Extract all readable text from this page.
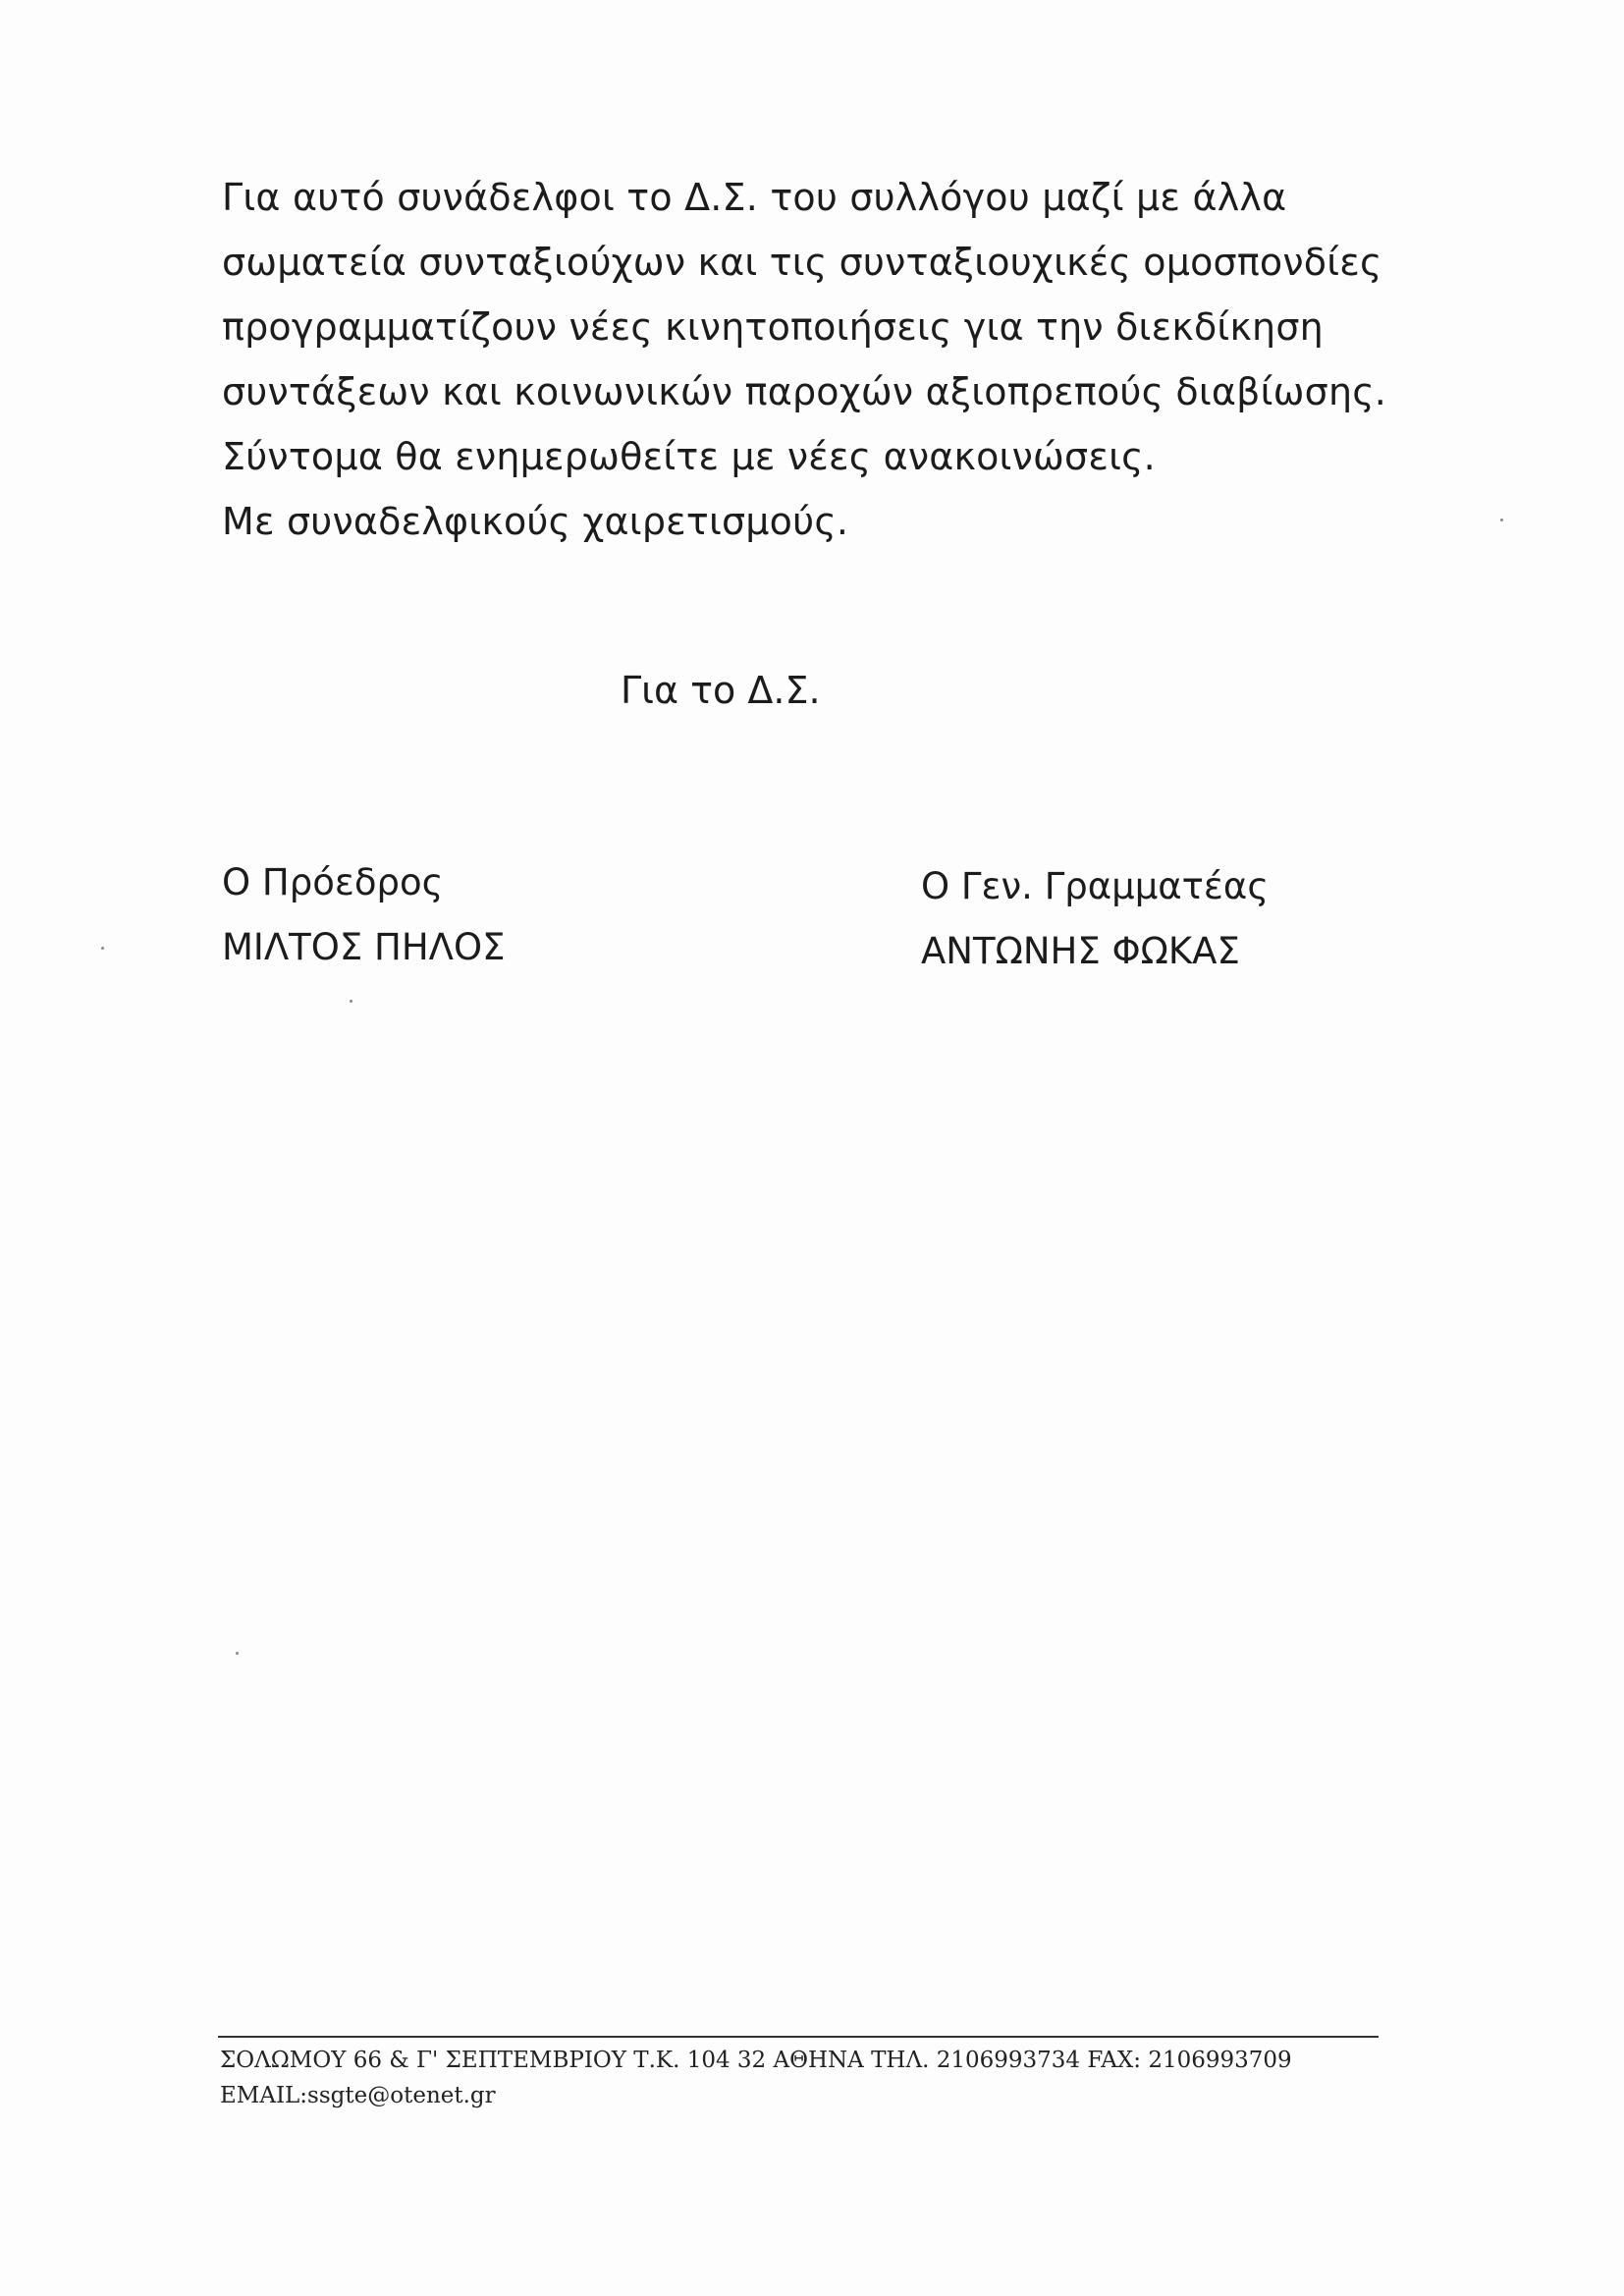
Για αυτό συνάδελφοι το Δ.Σ. του συλλόγου μαζί με άλλα
σωματεία συνταξιούχων και τις συνταξιουχικές ομοσπονδίες
προγραμματίζουν νέες κινητοποιήσεις για την διεκδίκηση
συντάξεων και κοινωνικών παροχών αξιοπρεπούς διαβίωσης.
Σύντομα θα ενημερωθείτε με νέες ανακοινώσεις.
Με συναδελφικούς χαιρετισμούς.
Για το Δ.Σ.
Ο Πρόεδρος
ΜΙΛΤΟΣ ΠΗΛΟΣ
Ο Γεν. Γραμματέας
ΑΝΤΩΝΗΣ ΦΩΚΑΣ
ΣΟΛΩΜΟΥ 66 & Γ' ΣΕΠΤΕΜΒΡΙΟΥ Τ.Κ. 104 32 ΑΘΗΝΑ ΤΗΛ. 2106993734 FAX: 2106993709
EMAIL:ssgte@otenet.gr
